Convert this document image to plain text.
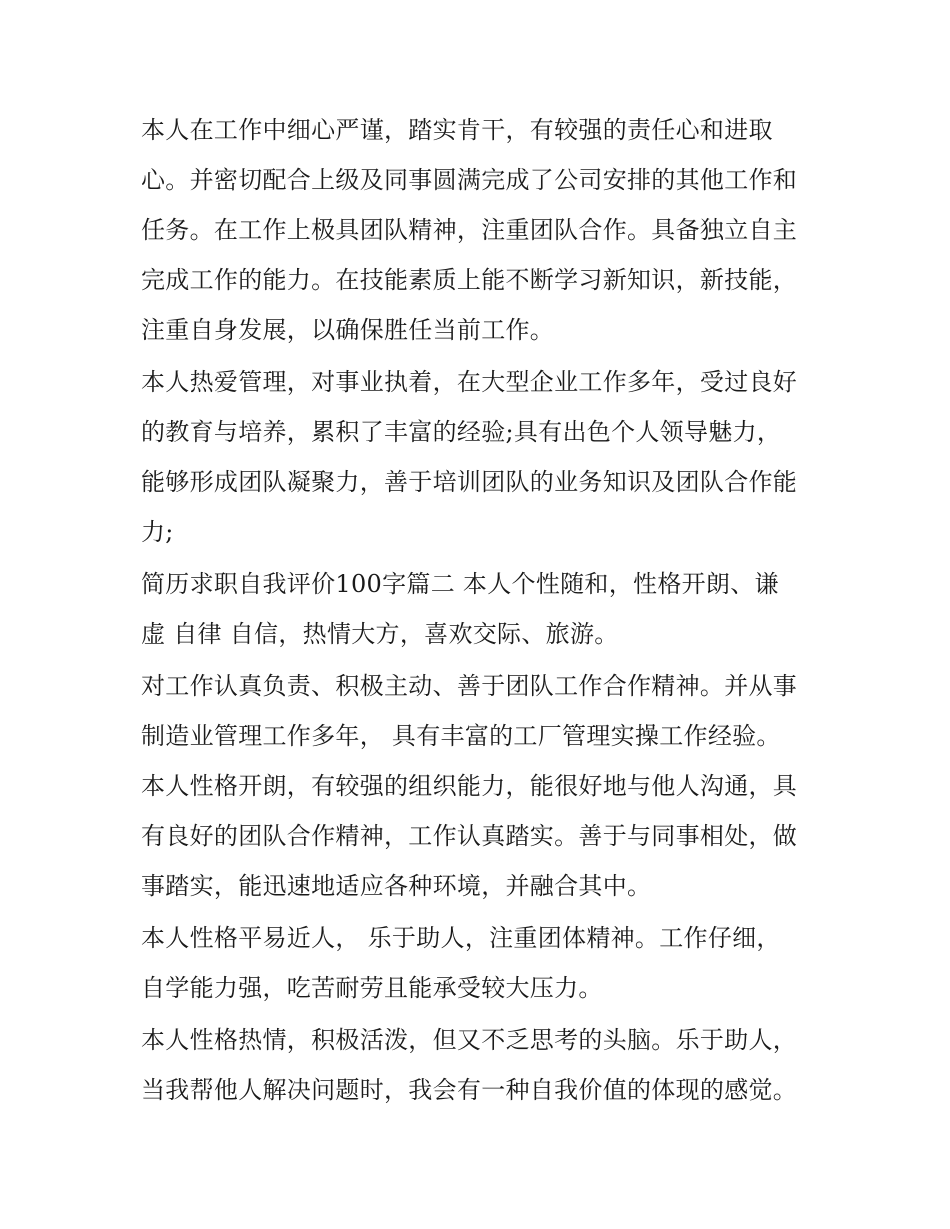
本人在工作中细心严谨，踏实肯干，有较强的责任心和进取
心。并密切配合上级及同事圆满完成了公司安排的其他工作和
任务。在工作上极具团队精神，注重团队合作。具备独立自主
完成工作的能力。在技能素质上能不断学习新知识，新技能，
注重自身发展，以确保胜任当前工作。
本人热爱管理，对事业执着，在大型企业工作多年，受过良好
的教育与培养，累积了丰富的经验;具有出色个人领导魅力，
能够形成团队凝聚力，善于培训团队的业务知识及团队合作能
力;
简历求职自我评价100字篇二 本人个性随和，性格开朗、谦
虚 自律 自信，热情大方，喜欢交际、旅游。
对工作认真负责、积极主动、善于团队工作合作精神。并从事
制造业管理工作多年， 具有丰富的工厂管理实操工作经验。
本人性格开朗，有较强的组织能力，能很好地与他人沟通，具
有良好的团队合作精神，工作认真踏实。善于与同事相处，做
事踏实，能迅速地适应各种环境，并融合其中。
本人性格平易近人， 乐于助人，注重团体精神。工作仔细，
自学能力强，吃苦耐劳且能承受较大压力。
本人性格热情，积极活泼，但又不乏思考的头脑。乐于助人，
当我帮他人解决问题时，我会有一种自我价值的体现的感觉。
